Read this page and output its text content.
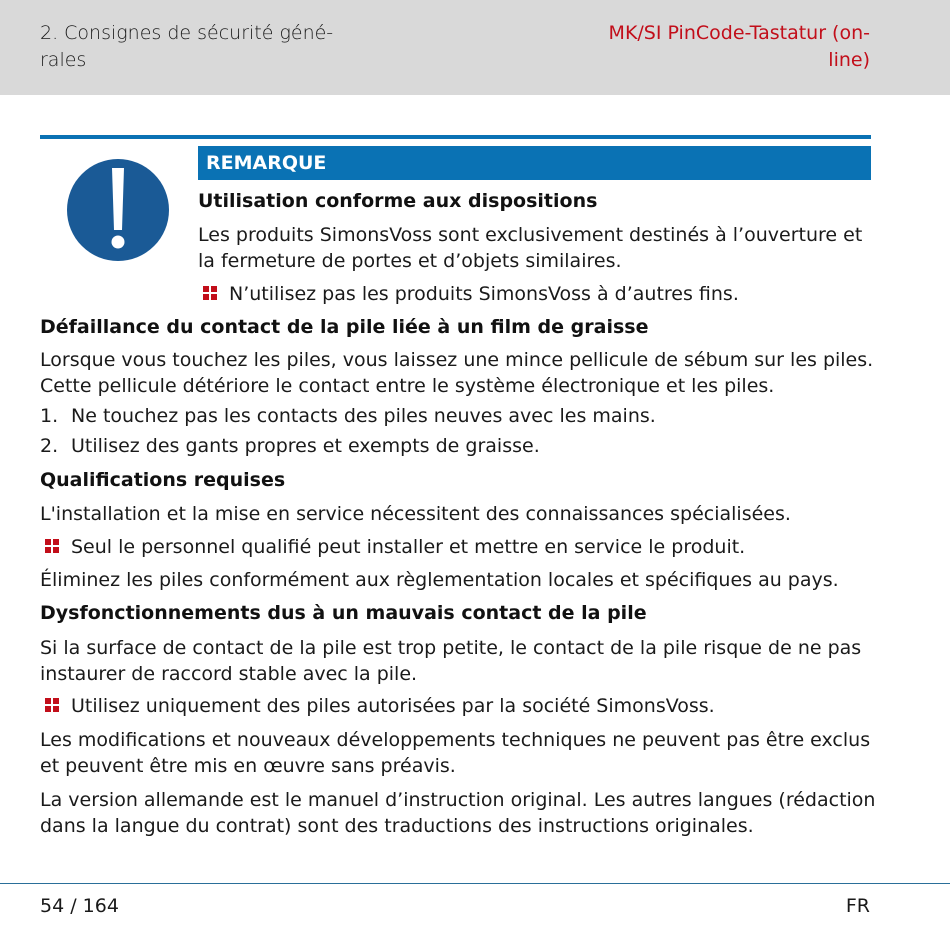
2. Consignes de sécurité géné-
rales
MK/SI PinCode-Tastatur (on-
line)
REMARQUE
Utilisation conforme aux dispositions
Les produits SimonsVoss sont exclusivement destinés à l’ouverture et
la fermeture de portes et d’objets similaires.
N’utilisez pas les produits SimonsVoss à d’autres fins.
Défaillance du contact de la pile liée à un film de graisse
Lorsque vous touchez les piles, vous laissez une mince pellicule de sébum sur les piles.
Cette pellicule détériore le contact entre le système électronique et les piles.
1. Ne touchez pas les contacts des piles neuves avec les mains.
2. Utilisez des gants propres et exempts de graisse.
Qualifications requises
L'installation et la mise en service nécessitent des connaissances spécialisées.
Seul le personnel qualifié peut installer et mettre en service le produit.
Éliminez les piles conformément aux règlementation locales et spécifiques au pays.
Dysfonctionnements dus à un mauvais contact de la pile
Si la surface de contact de la pile est trop petite, le contact de la pile risque de ne pas
instaurer de raccord stable avec la pile.
Utilisez uniquement des piles autorisées par la société SimonsVoss.
Les modifications et nouveaux développements techniques ne peuvent pas être exclus
et peuvent être mis en œuvre sans préavis.
La version allemande est le manuel d’instruction original. Les autres langues (rédaction
dans la langue du contrat) sont des traductions des instructions originales.
54 / 164	FR
